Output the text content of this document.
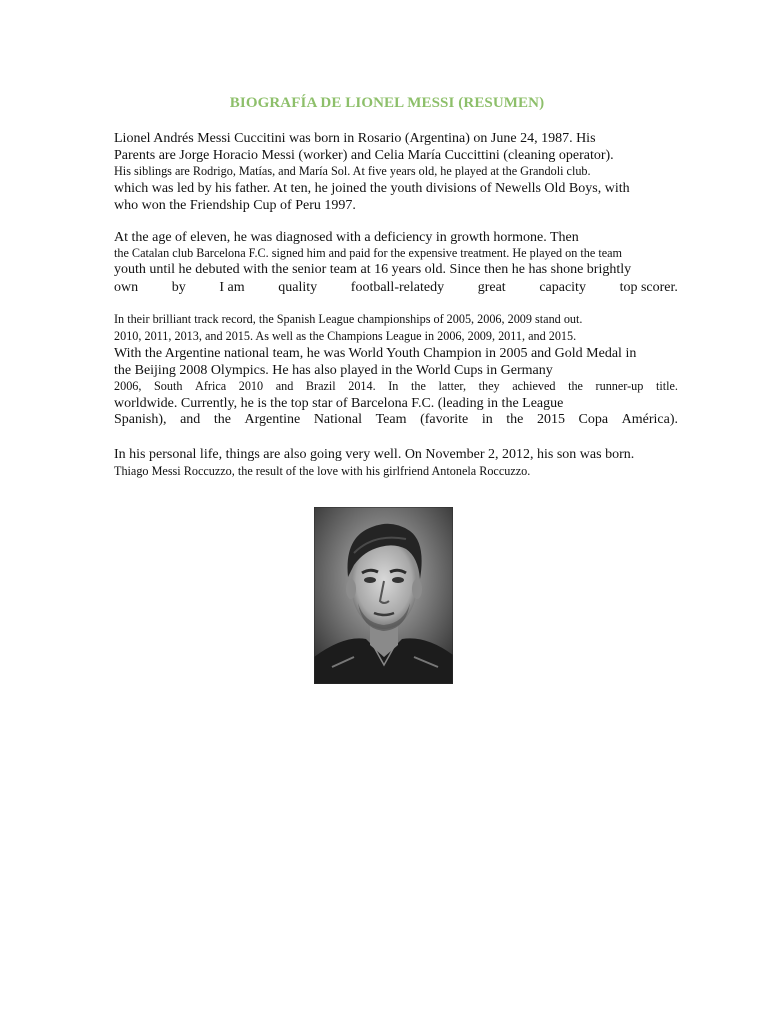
BIOGRAFÍA DE LIONEL MESSI (RESUMEN)
Lionel Andrés Messi Cuccitini was born in Rosario (Argentina) on June 24, 1987. His
Parents are Jorge Horacio Messi (worker) and Celia María Cuccittini (cleaning operator).
His siblings are Rodrigo, Matías, and María Sol. At five years old, he played at the Grandoli club.
which was led by his father. At ten, he joined the youth divisions of Newells Old Boys, with
who won the Friendship Cup of Peru 1997.
At the age of eleven, he was diagnosed with a deficiency in growth hormone. Then
the Catalan club Barcelona F.C. signed him and paid for the expensive treatment. He played on the team
youth until he debuted with the senior team at 16 years old. Since then he has shone brightly
own by I am quality football-relatedy great capacity top scorer.
In their brilliant track record, the Spanish League championships of 2005, 2006, 2009 stand out.
2010, 2011, 2013, and 2015. As well as the Champions League in 2006, 2009, 2011, and 2015.
With the Argentine national team, he was World Youth Champion in 2005 and Gold Medal in
the Beijing 2008 Olympics. He has also played in the World Cups in Germany
2006, South Africa 2010 and Brazil 2014. In the latter, they achieved the runner-up title.
worldwide. Currently, he is the top star of Barcelona F.C. (leading in the League
Spanish), and the Argentine National Team (favorite in the 2015 Copa América).
In his personal life, things are also going very well. On November 2, 2012, his son was born.
Thiago Messi Roccuzzo, the result of the love with his girlfriend Antonela Roccuzzo.
